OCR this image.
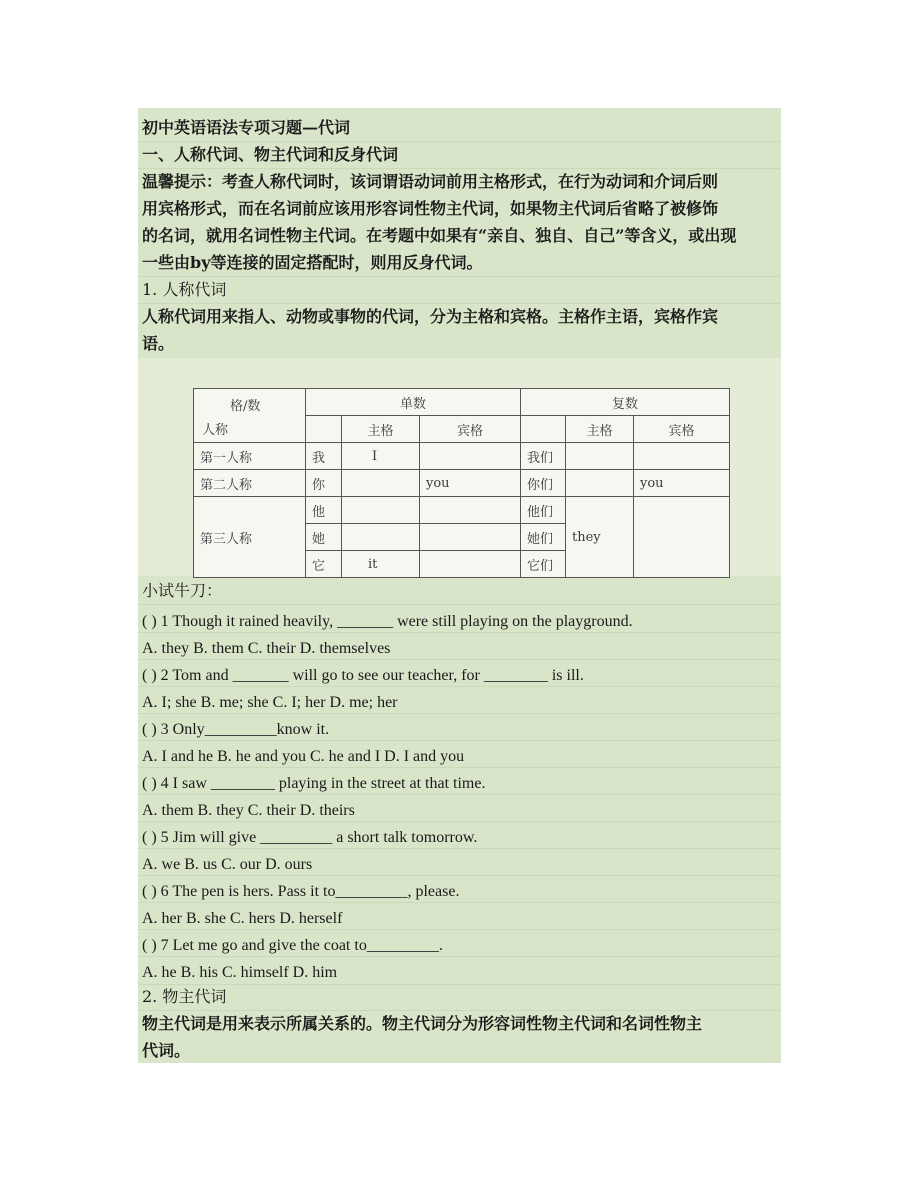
初中英语语法专项习题—代词
一、人称代词、物主代词和反身代词
温馨提示：考查人称代词时，该词谓语动词前用主格形式，在行为动词和介词后则
用宾格形式，而在名词前应该用形容词性物主代词，如果物主代词后省略了被修饰
的名词，就用名词性物主代词。在考题中如果有“亲自、独自、自己”等含义，或出现
一些由by等连接的固定搭配时，则用反身代词。
1. 人称代词
人称代词用来指人、动物或事物的代词，分为主格和宾格。主格作主语，宾格作宾
语。
格/数
人称	单数			复数		
		主格	宾格		主格	宾格
第一人称	我	I		我们		
第二人称	你		you	你们		you
第三人称	他			他们	they	
	她			她们		
	它	it		它们		
小试牛刀：
( ) 1 Though it rained heavily, _______ were still playing on the playground.
A. they B. them C. their D. themselves
( ) 2 Tom and _______ will go to see our teacher, for ________ is ill.
A. I; she B. me; she C. I; her D. me; her
( ) 3 Only_________know it.
A. I and he B. he and you C. he and I D. I and you
( ) 4 I saw ________ playing in the street at that time.
A. them B. they C. their D. theirs
( ) 5 Jim will give _________ a short talk tomorrow.
A. we B. us C. our D. ours
( ) 6 The pen is hers. Pass it to_________, please.
A. her B. she C. hers D. herself
( ) 7 Let me go and give the coat to_________.
A. he B. his C. himself D. him
2. 物主代词
物主代词是用来表示所属关系的。物主代词分为形容词性物主代词和名词性物主
代词。
